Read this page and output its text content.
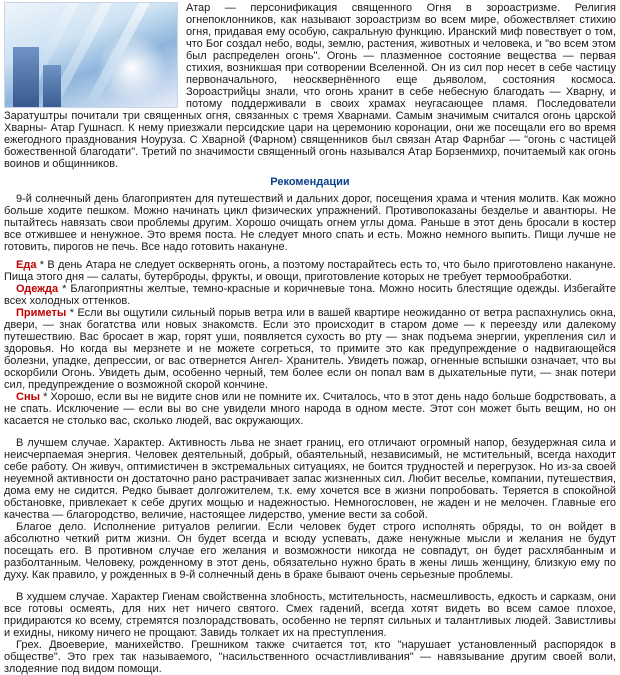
Атар — персонификация священного Огня в зороастризме. Религия огнепоклонников, как называют зороастризм во всем мире, обожествляет стихию огня, придавая ему особую, сакральную функцию. Иранский миф повествует о том, что Бог создал небо, воды, землю, растения, животных и человека, и "во всем этом был распределен огонь". Огонь — плазменное состояние вещества — первая стихия, возникшая при сотворении Вселенной. Он из сил пор несет в себе частицу первоначального, неосквернённого еще дьяволом, состояния космоса. Зороастрийцы знали, что огонь хранит в себе небесную благодать — Хварну, и потому поддерживали в своих храмах неугасающее пламя. Последователи Заратуштры почитали три священных огня, связанных с тремя Хварнами. Самым значимым считался огонь царской Хварны- Атар Гушнасп. К нему приезжали персидские цари на церемонию коронации, они же посещали его во время ежегодного празднования Ноуруза. С Хварной (Фарном) священников был связан Атар Фарнбаг — "огонь с частицей божественной благодати". Третий по значимости священный огонь назывался Атар Борзенмихр, почитаемый как огонь воинов и общинников.

Рекомендации

9-й солнечный день благоприятен для путешествий и дальних дорог, посещения храма и чтения молитв. Как можно больше ходите пешком. Можно начинать цикл физических упражнений. Противопоказаны безделье и авантюры. Не пытайтесь навязать свои проблемы другим. Хорошо очищать огнем углы дома. Раньше в этот день бросали в костер все отжившее и ненужное. Это время поста. Не следует много спать и есть. Можно немного выпить. Пищи лучше не готовить, пирогов не печь. Все надо готовить накануне.

Еда * В день Атара не следует осквернять огонь, а поэтому постарайтесь есть то, что было приготовлено накануне. Пища этого дня — салаты, бутерброды, фрукты, и овощи, приготовление которых не требует термообработки.

Одежда * Благоприятны желтые, темно-красные и коричневые тона. Можно носить блестящие одежды. Избегайте всех холодных оттенков.

Приметы * Если вы ощутили сильный порыв ветра или в вашей квартире неожиданно от ветра распахнулись окна, двери, — знак богатства или новых знакомств. Если это происходит в старом доме — к переезду или далекому путешествию. Вас бросает в жар, горят уши, появляется сухость во рту — знак подъема энергии, укрепления сил и здоровья. Но когда вы мерзнете и не можете согреться, то примите это как предупреждение о надвигающейся болезни, упадке, депрессии, ог вас отвернется Ангел- Хранитель. Увидеть пожар, огненные вспышки означает, что вы оскорбили Огонь. Увидеть дым, особенно черный, тем более если он попал вам в дыхательные пути, — знак потери сил, предупреждение о возможной скорой кончине.

Сны * Хорошо, если вы не видите снов или не помните их. Считалось, что в этот день надо больше бодрствовать, а не спать. Исключение — если вы во сне увидели много народа в одном месте. Этот сон может быть вещим, но он касается не столько вас, сколько людей, вас окружающих.

В лучшем случае. Характер. Активность льва не знает границ, его отличают огромный напор, безудержная сила и неисчерпаемая энергия. Человек деятельный, добрый, обаятельный, независимый, не мстительный, всегда находит себе работу. Он живуч, оптимистичен в экстремальных ситуациях, не боится трудностей и перегрузок. Но из-за своей неуемной активности он достаточно рано растрачивает запас жизненных сил. Любит веселье, компании, путешествия, дома ему не сидится. Редко бывает долгожителем, т.к. ему хочется все в жизни попробовать. Теряется в спокойной обстановке, привлекает к себе других мощью и надежностью. Немногословен, не жаден и не мелочен. Главные его качества — благородство, величие, настоящее лидерство, умение вести за собой.

Благое дело. Исполнение ритуалов религии. Если человек будет строго исполнять обряды, то он войдет в абсолютно четкий ритм жизни. Он будет всегда и всюду успевать, даже ненужные мысли и желания не будут посещать его. В противном случае его желания и возможности никогда не совпадут, он будет расхлябанным и разболтанным. Человеку, рожденному в этот день, обязательно нужно брать в жены лишь женщину, близкую ему по духу. Как правило, у рожденных в 9-й солнечный день в браке бывают очень серьезные проблемы.

В худшем случае. Характер Гиенам свойственна злобность, мстительность, насмешливость, едкость и сарказм, они все готовы осмеять, для них нет ничего святого. Смех гадений, всегда хотят видеть во всем самое плохое, придираются ко всему, стремятся позлорадствовать, особенно не терпят сильных и талантливых людей. Завистливы и ехидны, никому ничего не прощают. Завидь толкает их на преступления.

Грех. Двоеверие, манихейство. Грешником также считается тот, кто "нарушает установленный распорядок в обществе". Это грех так называемого, "насильственного осчастливливания" — навязывание другим своей воли, злодеяние под видом помощи.
